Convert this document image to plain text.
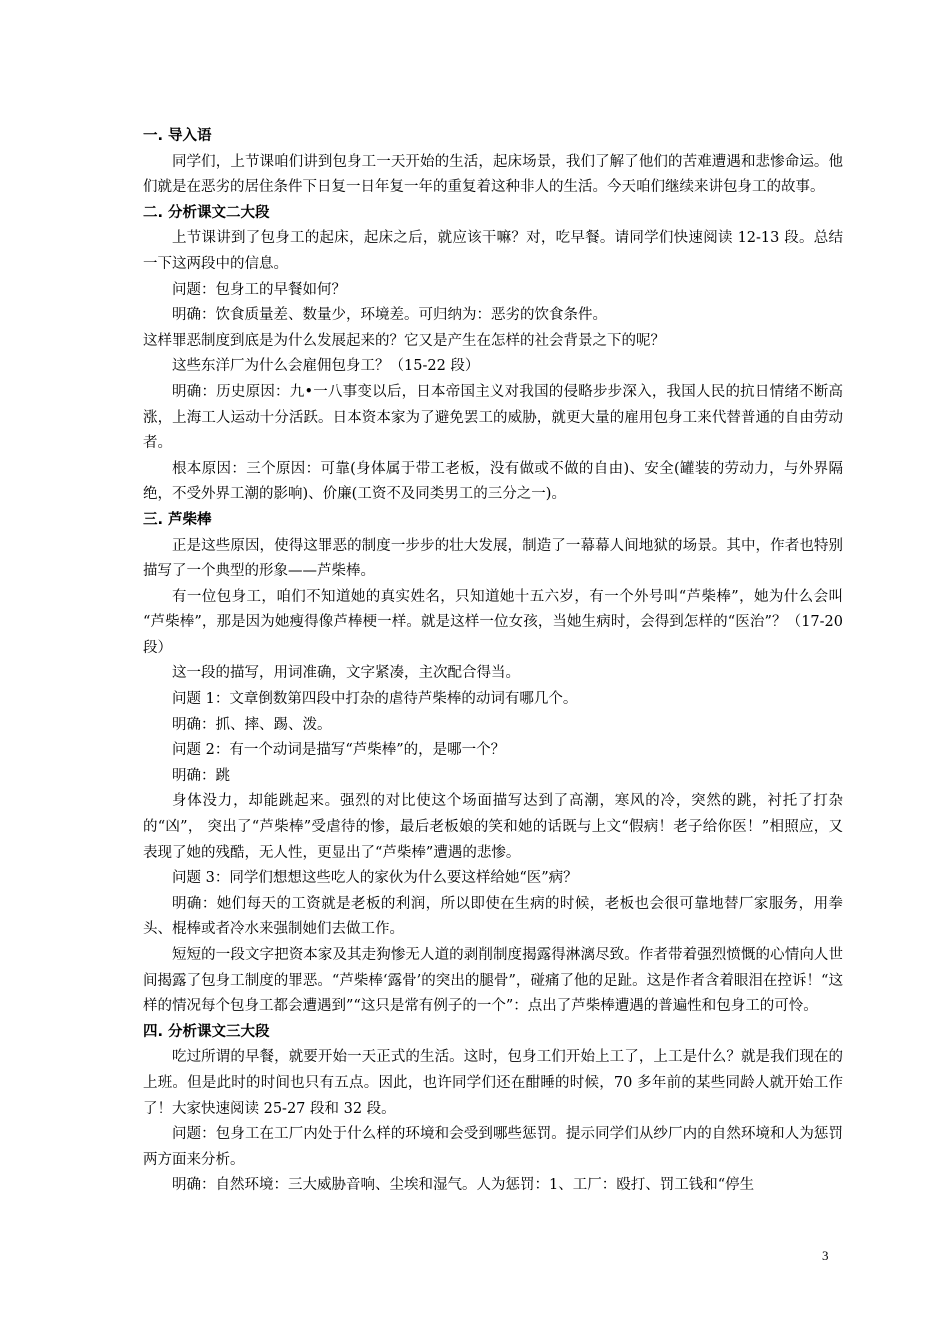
一. 导入语

同学们，上节课咱们讲到包身工一天开始的生活，起床场景，我们了解了他们的苦难遭遇和悲惨命运。他们就是在恶劣的居住条件下日复一日年复一年的重复着这种非人的生活。今天咱们继续来讲包身工的故事。

二. 分析课文二大段

上节课讲到了包身工的起床，起床之后，就应该干嘛？对，吃早餐。请同学们快速阅读 12-13 段。总结一下这两段中的信息。

问题：包身工的早餐如何？

明确：饮食质量差、数量少，环境差。可归纳为：恶劣的饮食条件。

这样罪恶制度到底是为什么发展起来的？它又是产生在怎样的社会背景之下的呢？

这些东洋厂为什么会雇佣包身工？（15-22 段）

明确：历史原因：九•一八事变以后，日本帝国主义对我国的侵略步步深入，我国人民的抗日情绪不断高涨，上海工人运动十分活跃。日本资本家为了避免罢工的威胁，就更大量的雇用包身工来代替普通的自由劳动者。

根本原因：三个原因：可靠(身体属于带工老板，没有做或不做的自由)、安全(罐装的劳动力，与外界隔绝，不受外界工潮的影响)、价廉(工资不及同类男工的三分之一)。

三. 芦柴棒

正是这些原因，使得这罪恶的制度一步步的壮大发展，制造了一幕幕人间地狱的场景。其中，作者也特别描写了一个典型的形象——芦柴棒。

有一位包身工，咱们不知道她的真实姓名，只知道她十五六岁，有一个外号叫“芦柴棒”，她为什么会叫 “芦柴棒”，那是因为她瘦得像芦棒梗一样。就是这样一位女孩，当她生病时，会得到怎样的“医治”？（17-20 段）

这一段的描写，用词准确，文字紧凑，主次配合得当。

问题 1：文章倒数第四段中打杂的虐待芦柴棒的动词有哪几个。

明确：抓、摔、踢、泼。

问题 2：有一个动词是描写“芦柴棒”的，是哪一个？

明确：跳

身体没力，却能跳起来。强烈的对比使这个场面描写达到了高潮，寒风的冷，突然的跳，衬托了打杂的“凶”， 突出了“芦柴棒”受虐待的惨，最后老板娘的笑和她的话既与上文“假病！老子给你医！”相照应，又表现了她的残酷，无人性，更显出了“芦柴棒”遭遇的悲惨。

问题 3：同学们想想这些吃人的家伙为什么要这样给她“医”病？

明确：她们每天的工资就是老板的利润，所以即使在生病的时候，老板也会很可靠地替厂家服务，用拳头、棍棒或者冷水来强制她们去做工作。

短短的一段文字把资本家及其走狗惨无人道的剥削制度揭露得淋漓尽致。作者带着强烈愤慨的心情向人世间揭露了包身工制度的罪恶。“芦柴棒‘露骨’的突出的腿骨”，碰痛了他的足趾。这是作者含着眼泪在控诉！“这样的情况每个包身工都会遭遇到”“这只是常有例子的一个”：点出了芦柴棒遭遇的普遍性和包身工的可怜。

四. 分析课文三大段

吃过所谓的早餐，就要开始一天正式的生活。这时，包身工们开始上工了，上工是什么？就是我们现在的上班。但是此时的时间也只有五点。因此，也许同学们还在酣睡的时候，70 多年前的某些同龄人就开始工作了！大家快速阅读 25-27 段和 32 段。

问题：包身工在工厂内处于什么样的环境和会受到哪些惩罚。提示同学们从纱厂内的自然环境和人为惩罚两方面来分析。

明确：自然环境：三大威胁音响、尘埃和湿气。人为惩罚：1、工厂：殴打、罚工钱和“停生

3
